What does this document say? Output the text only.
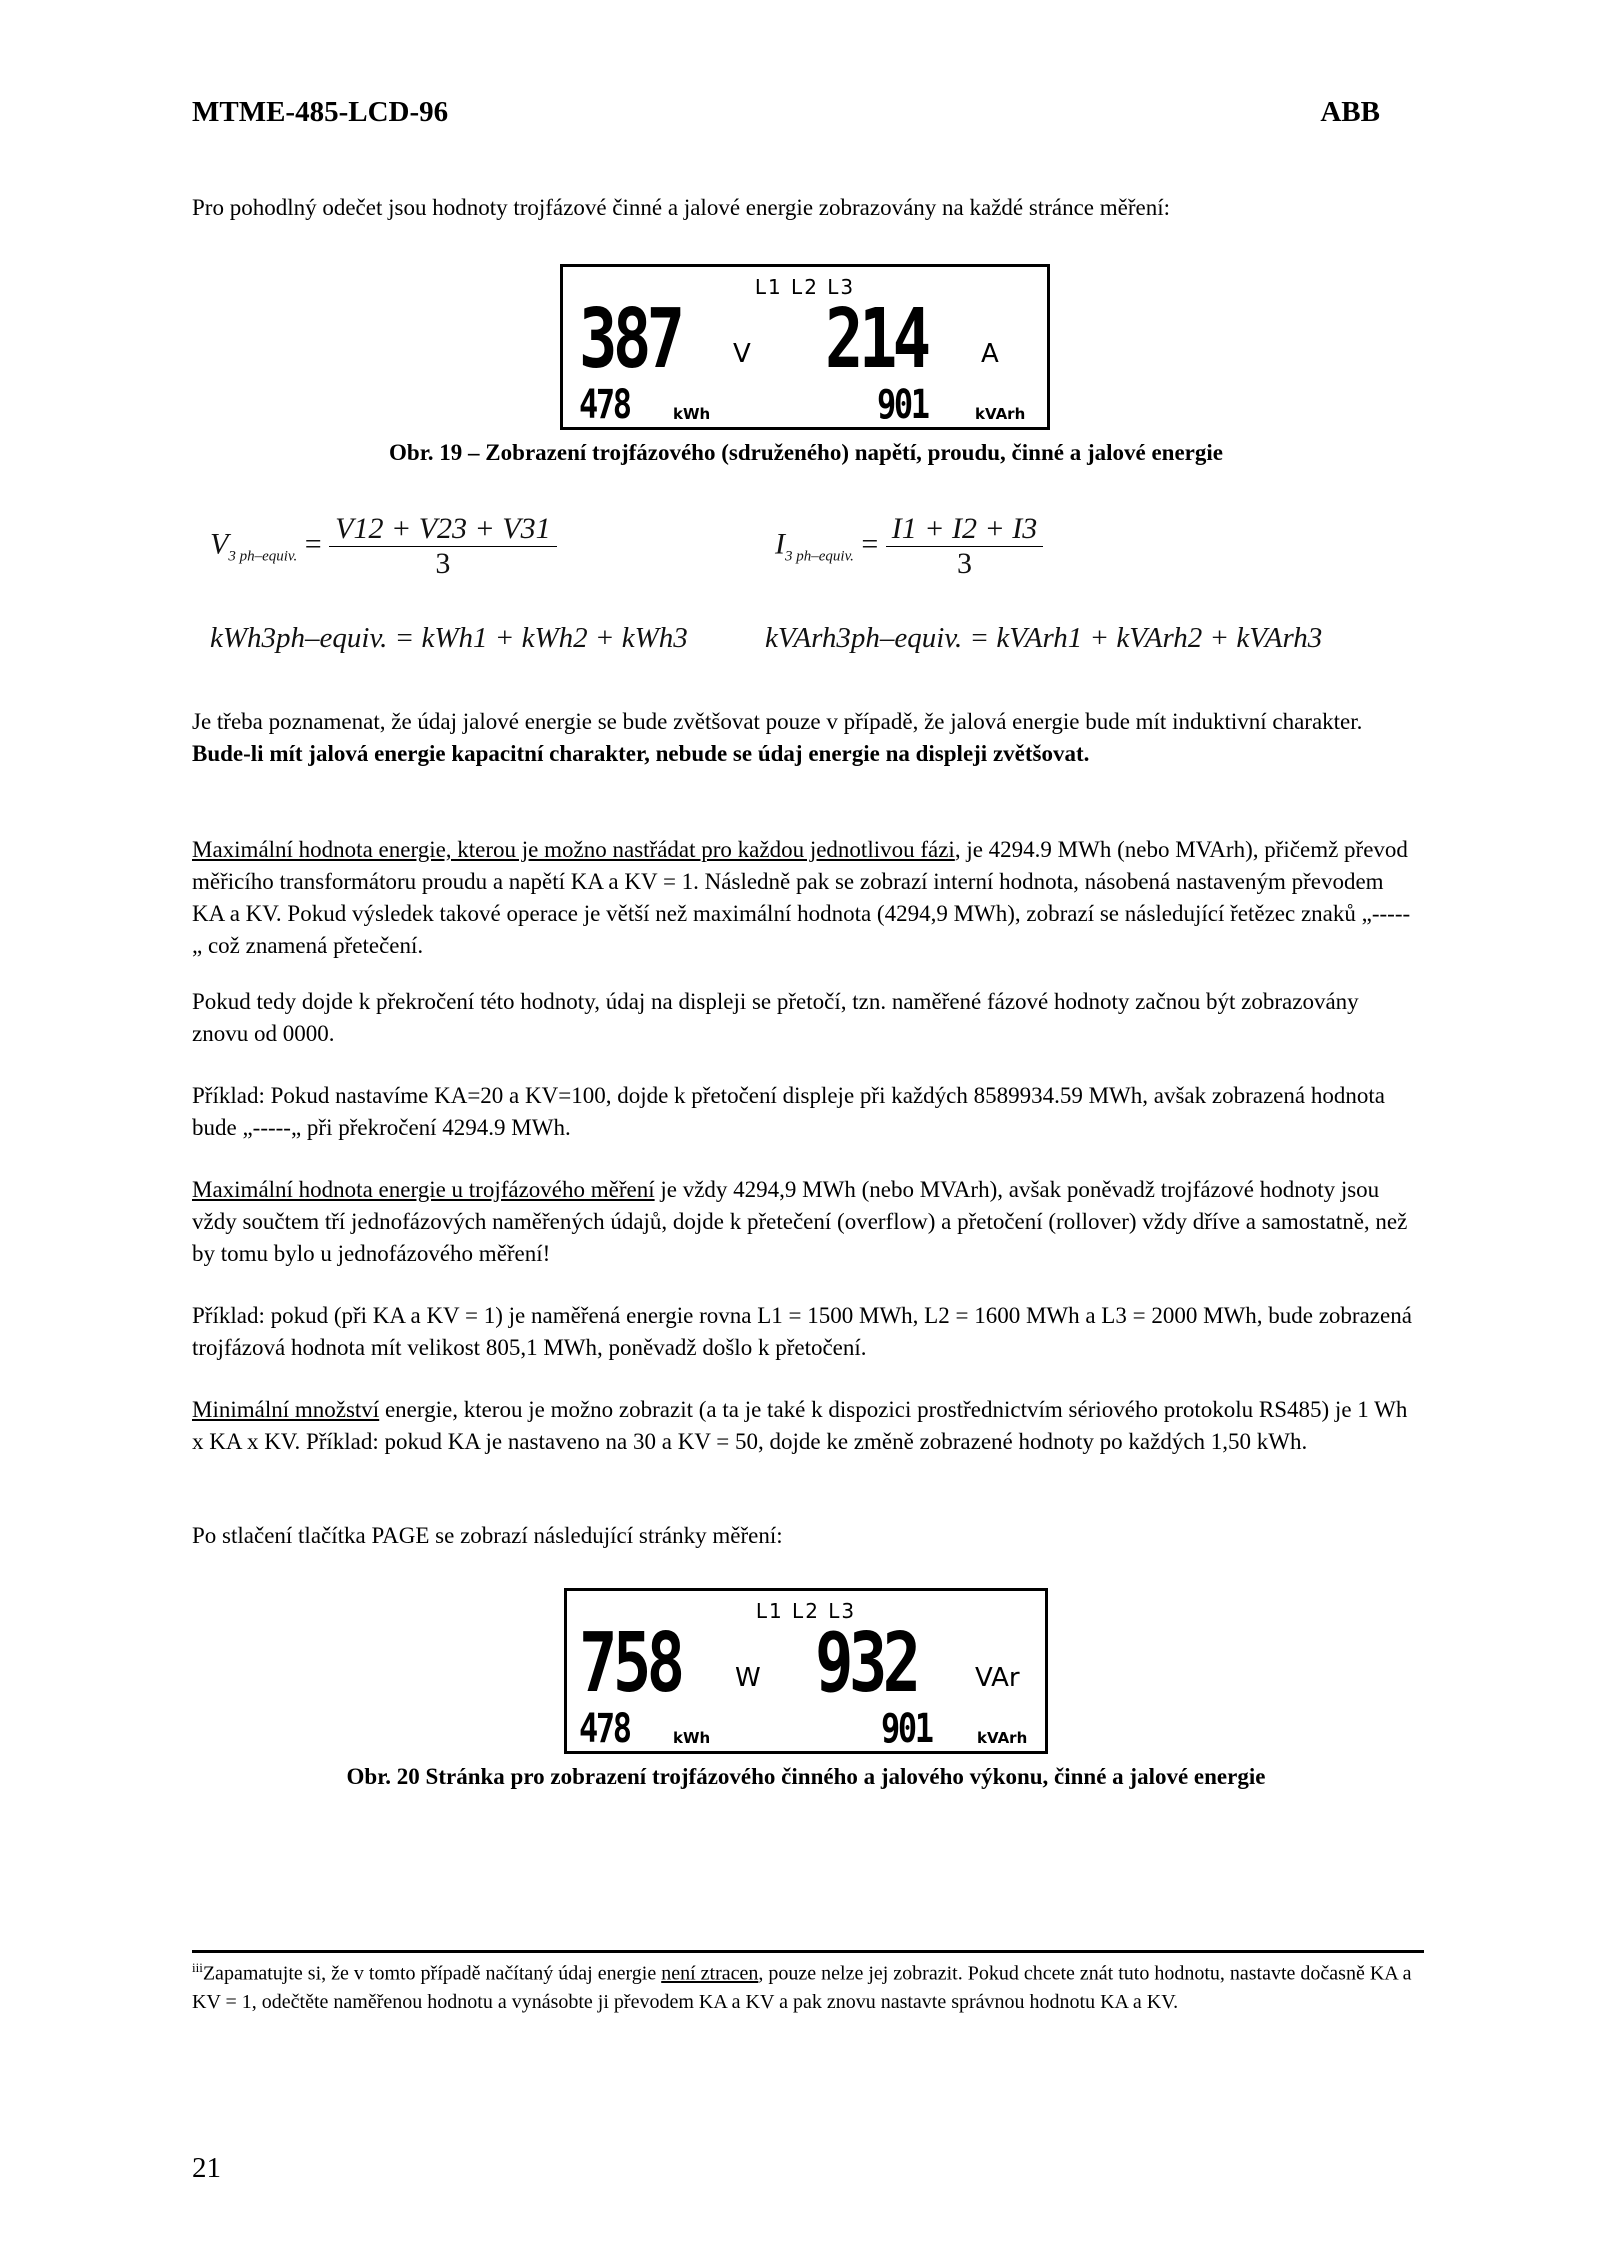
MTME-485-LCD-96	ABB
Pro pohodlný odečet jsou hodnoty trojfázové činné a jalové energie zobrazovány na každé stránce měření:
L1 L2 L3
387 V 214 A
478	kWh	901	kVArh
Obr. 19 – Zobrazení trojfázového (sdruženého) napětí, proudu, činné a jalové energie
$V_{3 ph-equiv.} = \frac{V12 + V23 + V31}{3}$	$I_{3 ph-equiv.} = \frac{I1 + I2 + I3}{3}$
kWh3ph–equiv. = kWh1 + kWh2 + kWh3	kVArh3ph–equiv. = kVArh1 + kVArh2 + kVArh3
Je třeba poznamenat, že údaj jalové energie se bude zvětšovat pouze v případě, že jalová energie bude mít induktivní charakter. Bude-li mít jalová energie kapacitní charakter, nebude se údaj energie na displeji zvětšovat.
Maximální hodnota energie, kterou je možno nastřádat pro každou jednotlivou fázi, je 4294.9 MWh (nebo MVArh), přičemž převod měřicího transformátoru proudu a napětí KA a KV = 1. Následně pak se zobrazí interní hodnota, násobená nastaveným převodem KA a KV. Pokud výsledek takové operace je větší než maximální hodnota (4294,9 MWh), zobrazí se následující řetězec znaků „-----„ což znamená přetečení.
Pokud tedy dojde k překročení této hodnoty, údaj na displeji se přetočí, tzn. naměřené fázové hodnoty začnou být zobrazovány znovu od 0000.
Příklad: Pokud nastavíme KA=20 a KV=100, dojde k přetočení displeje při každých 8589934.59 MWh, avšak zobrazená hodnota bude „-----„ při překročení 4294.9 MWh.
Maximální hodnota energie u trojfázového měření je vždy 4294,9 MWh (nebo MVArh), avšak poněvadž trojfázové hodnoty jsou vždy součtem tří jednofázových naměřených údajů, dojde k přetečení (overflow) a přetočení (rollover) vždy dříve a samostatně, než by tomu bylo u jednofázového měření!
Příklad: pokud (při KA a KV = 1) je naměřená energie rovna L1 = 1500 MWh, L2 = 1600 MWh a L3 = 2000 MWh, bude zobrazená trojfázová hodnota mít velikost 805,1 MWh, poněvadž došlo k přetočení.
Minimální množství energie, kterou je možno zobrazit (a ta je také k dispozici prostřednictvím sériového protokolu RS485) je 1 Wh x KA x KV. Příklad: pokud KA je nastaveno na 30 a KV = 50, dojde ke změně zobrazené hodnoty po každých 1,50 kWh.
Po stlačení tlačítka PAGE se zobrazí následující stránky měření:
L1 L2 L3
758 W 932 VAr
478	kWh	901	kVArh
Obr. 20 Stránka pro zobrazení trojfázového činného a jalového výkonu, činné a jalové energie
$^{iii}$Zapamatujte si, že v tomto případě načítaný údaj energie není ztracen, pouze nelze jej zobrazit. Pokud chcete znát tuto hodnotu, nastavte dočasně KA a KV = 1, odečtěte naměřenou hodnotu a vynásobte ji převodem KA a KV a pak znovu nastavte správnou hodnotu KA a KV.
21
